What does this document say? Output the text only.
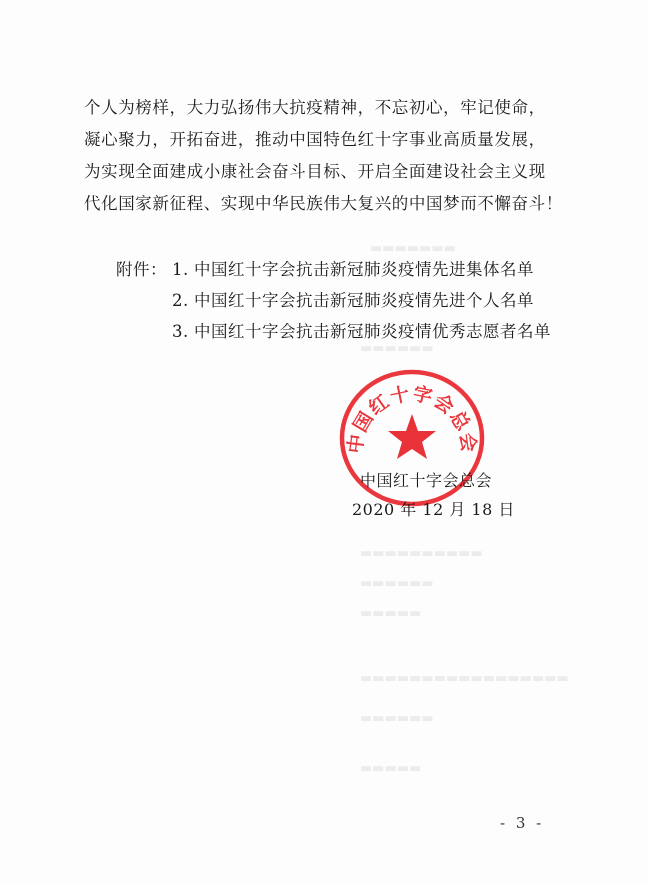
▬▬▬▬▬▬▬
▬▬▬▬▬▬
▬▬▬▬▬▬▬▬▬▬
▬▬▬▬▬▬
▬▬▬▬▬
▬▬▬▬▬▬▬▬▬▬▬▬▬▬▬▬▬
▬▬▬▬▬▬
▬▬▬▬▬
个人为榜样，大力弘扬伟大抗疫精神，不忘初心，牢记使命，
凝心聚力，开拓奋进，推动中国特色红十字事业高质量发展，
为实现全面建成小康社会奋斗目标、开启全面建设社会主义现
代化国家新征程、实现中华民族伟大复兴的中国梦而不懈奋斗！
附件： 1. 中国红十字会抗击新冠肺炎疫情先进集体名单
2. 中国红十字会抗击新冠肺炎疫情先进个人名单
3. 中国红十字会抗击新冠肺炎疫情优秀志愿者名单
中国红十字会总会
中国红十字会总会
2020 年 12 月 18 日
- 3 -
